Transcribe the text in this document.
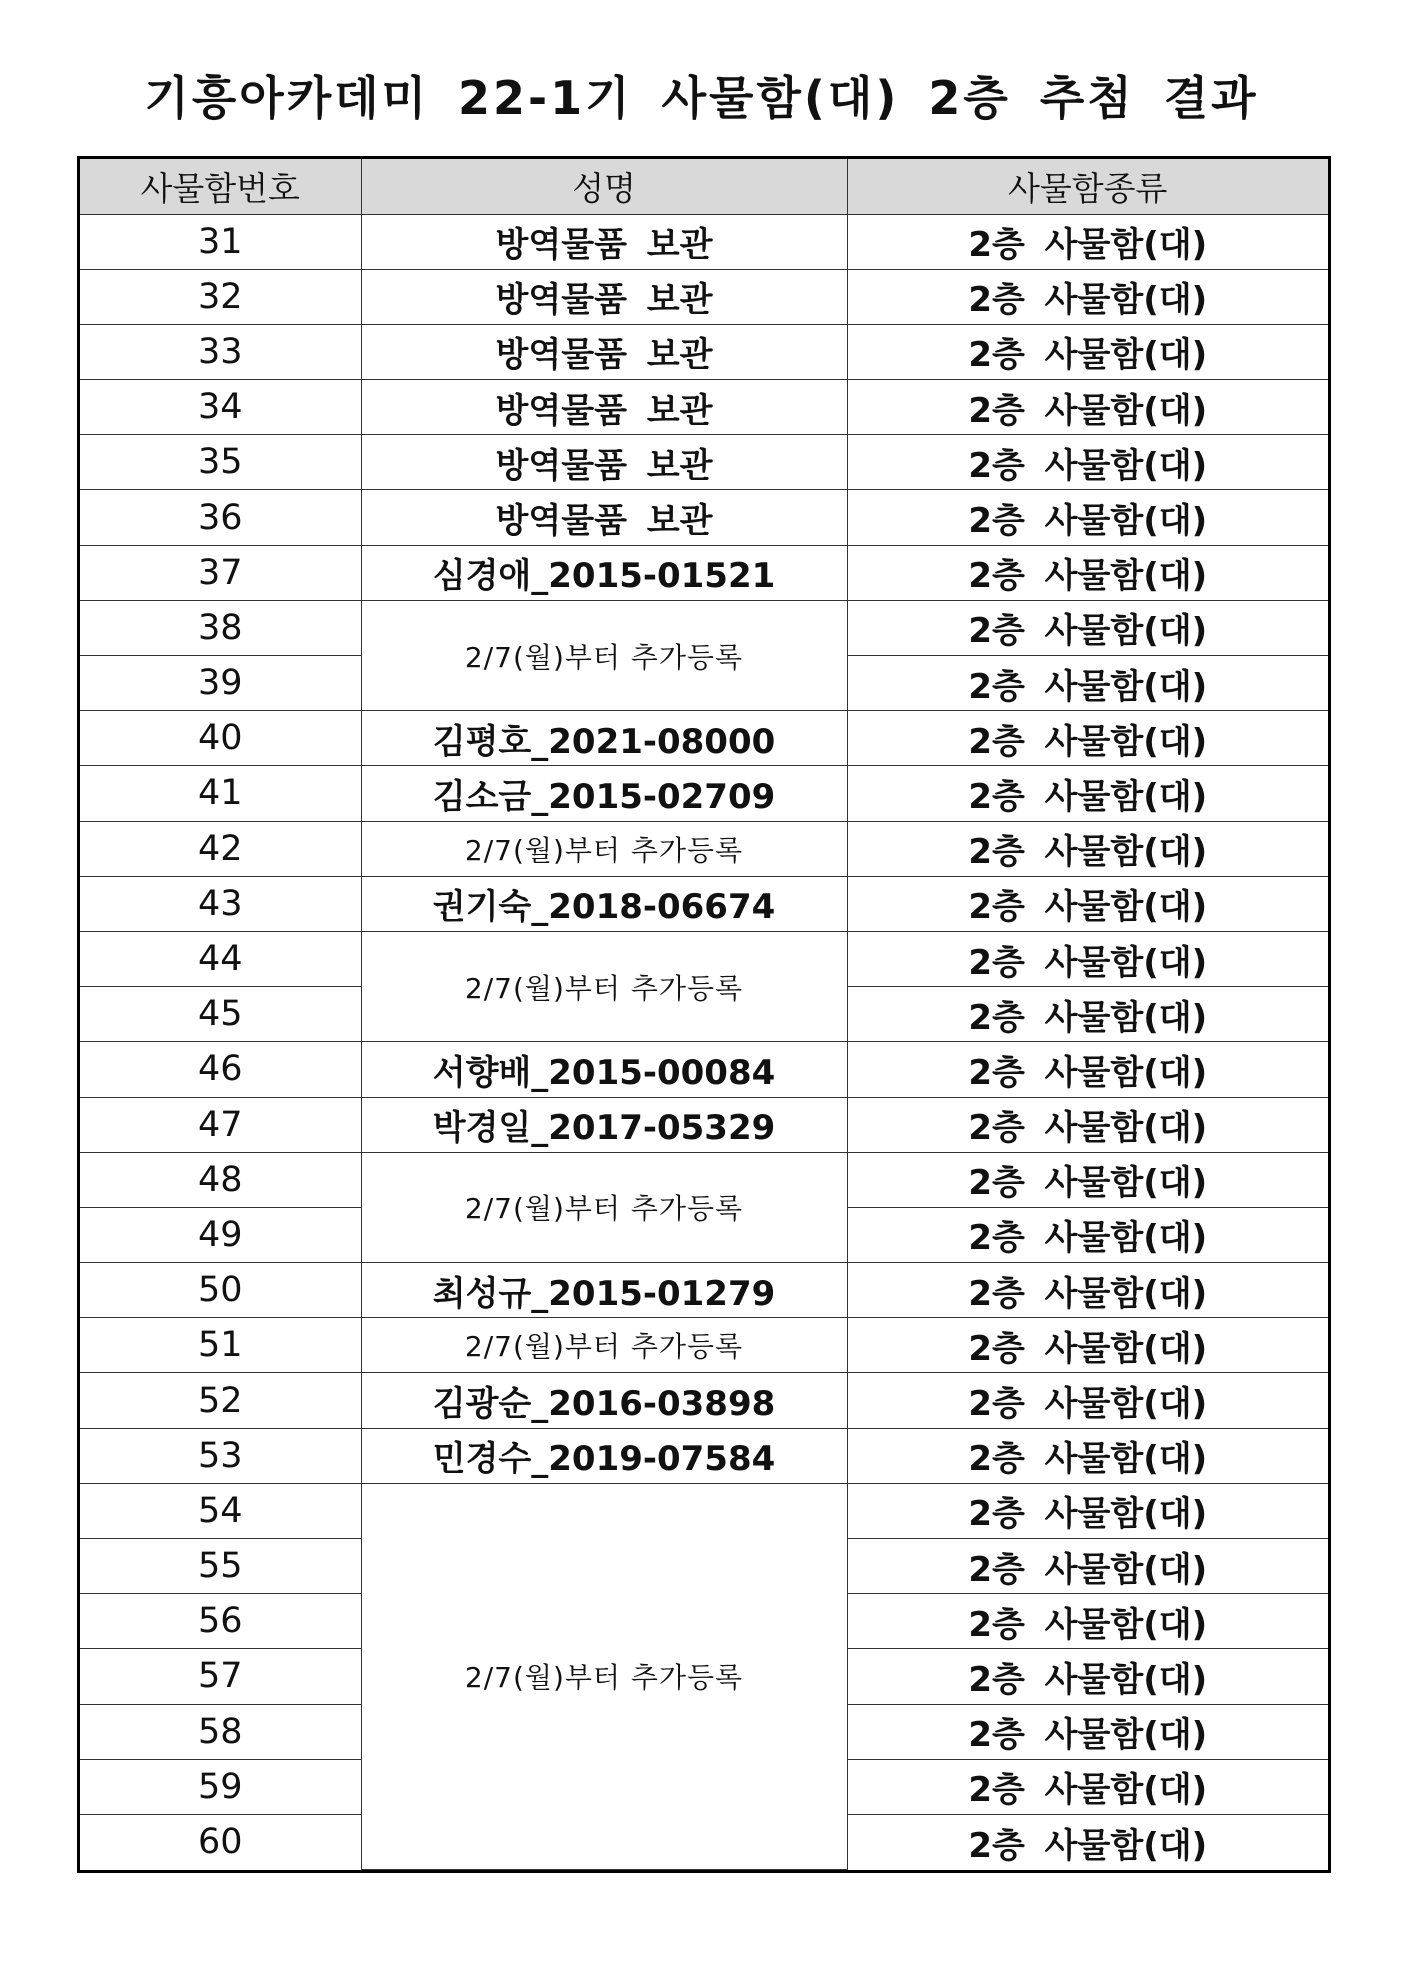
기흥아카데미 22-1기 사물함(대) 2층 추첨 결과
사물함번호	성명	사물함종류
31	방역물품 보관	2층 사물함(대)
32	방역물품 보관	2층 사물함(대)
33	방역물품 보관	2층 사물함(대)
34	방역물품 보관	2층 사물함(대)
35	방역물품 보관	2층 사물함(대)
36	방역물품 보관	2층 사물함(대)
37	심경애_2015-01521	2층 사물함(대)
38	2/7(월)부터 추가등록	2층 사물함(대)
39		2층 사물함(대)
40	김평호_2021-08000	2층 사물함(대)
41	김소금_2015-02709	2층 사물함(대)
42	2/7(월)부터 추가등록	2층 사물함(대)
43	권기숙_2018-06674	2층 사물함(대)
44	2/7(월)부터 추가등록	2층 사물함(대)
45		2층 사물함(대)
46	서향배_2015-00084	2층 사물함(대)
47	박경일_2017-05329	2층 사물함(대)
48	2/7(월)부터 추가등록	2층 사물함(대)
49		2층 사물함(대)
50	최성규_2015-01279	2층 사물함(대)
51	2/7(월)부터 추가등록	2층 사물함(대)
52	김광순_2016-03898	2층 사물함(대)
53	민경수_2019-07584	2층 사물함(대)
54	2/7(월)부터 추가등록	2층 사물함(대)
55		2층 사물함(대)
56		2층 사물함(대)
57		2층 사물함(대)
58		2층 사물함(대)
59		2층 사물함(대)
60		2층 사물함(대)
